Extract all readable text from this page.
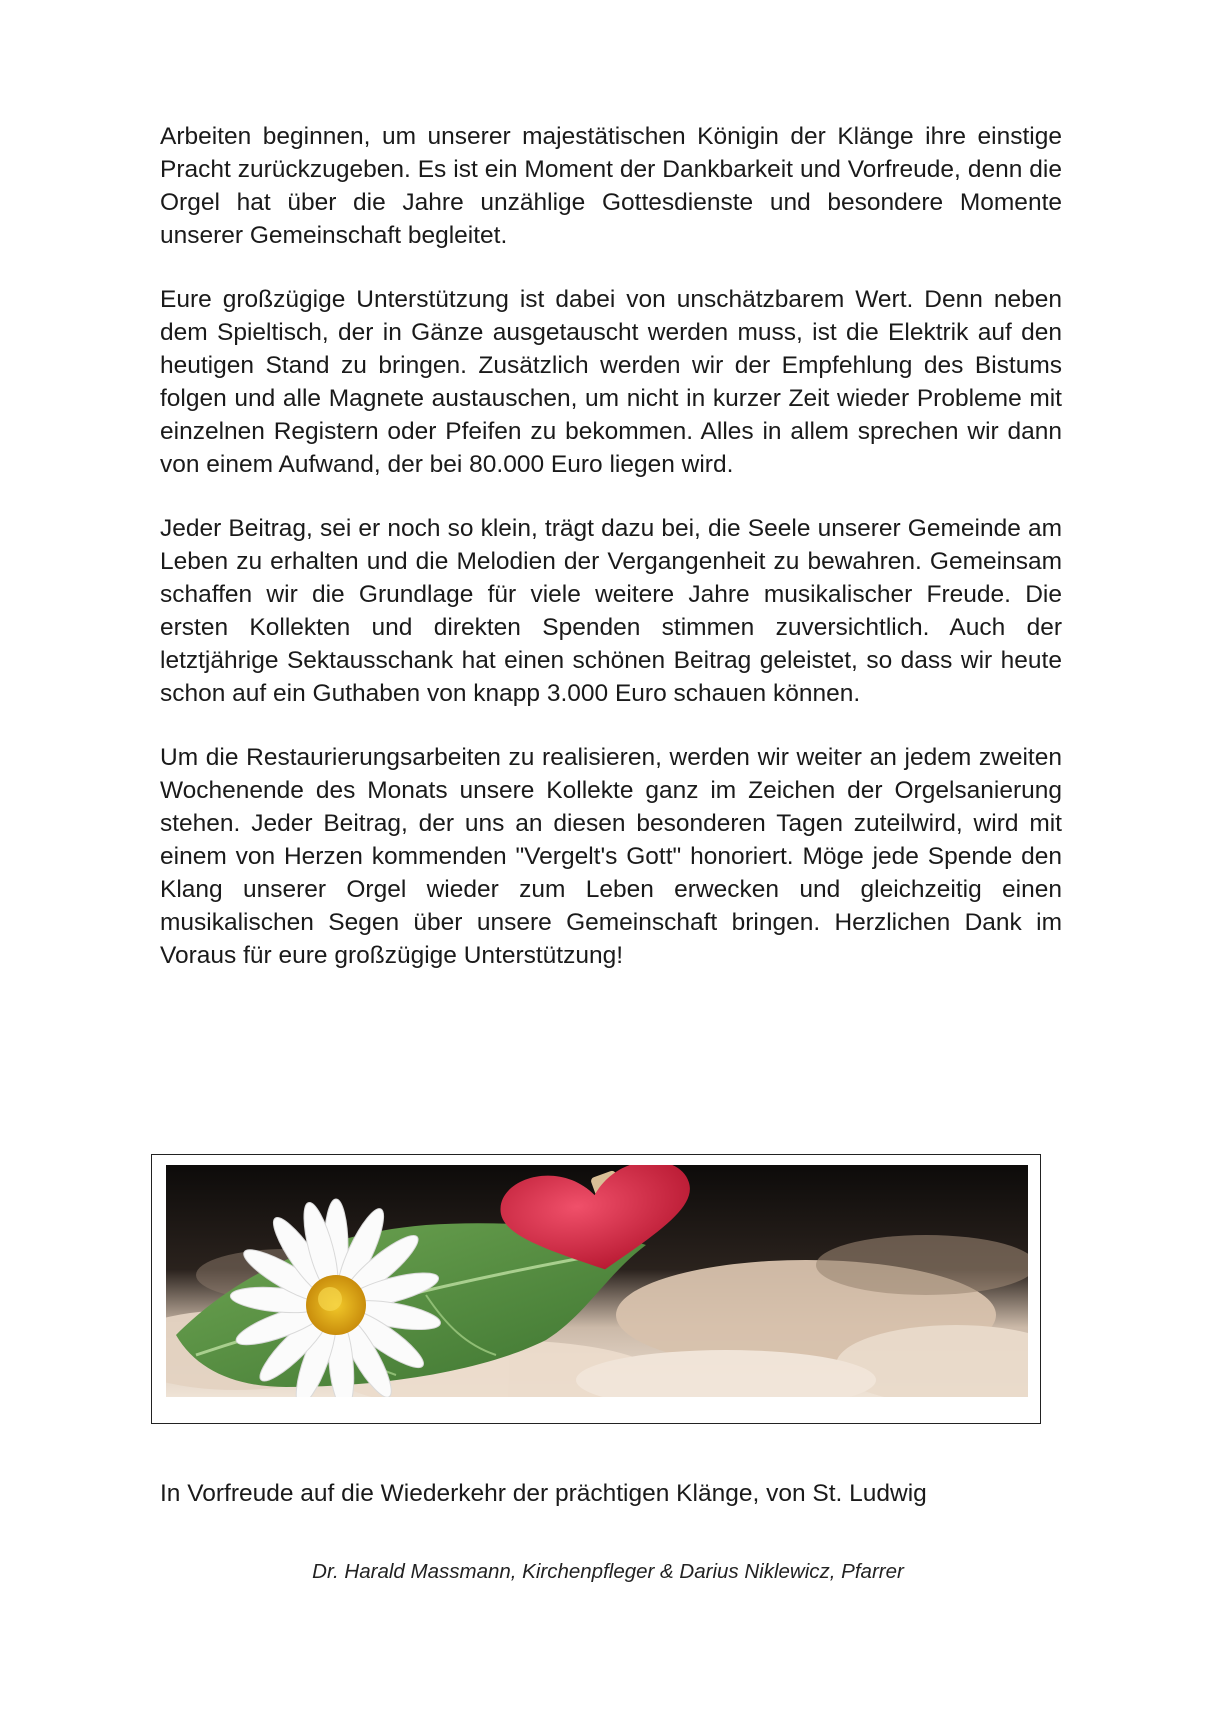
Arbeiten beginnen, um unserer majestätischen Königin der Klänge ihre einstige Pracht zurückzugeben. Es ist ein Moment der Dankbarkeit und Vorfreude, denn die Orgel hat über die Jahre unzählige Gottesdienste und besondere Momente unserer Gemeinschaft begleitet.

Eure großzügige Unterstützung ist dabei von unschätzbarem Wert. Denn neben dem Spieltisch, der in Gänze ausgetauscht werden muss, ist die Elektrik auf den heutigen Stand zu bringen. Zusätzlich werden wir der Empfehlung des Bistums folgen und alle Magnete austauschen, um nicht in kurzer Zeit wieder Probleme mit einzelnen Registern oder Pfeifen zu bekommen. Alles in allem sprechen wir dann von einem Aufwand, der bei 80.000 Euro liegen wird.

Jeder Beitrag, sei er noch so klein, trägt dazu bei, die Seele unserer Gemeinde am Leben zu erhalten und die Melodien der Vergangenheit zu bewahren. Gemeinsam schaffen wir die Grundlage für viele weitere Jahre musikalischer Freude. Die ersten Kollekten und direkten Spenden stimmen zuversichtlich. Auch der letztjährige Sektausschank hat einen schönen Beitrag geleistet, so dass wir heute schon auf ein Guthaben von knapp 3.000 Euro schauen können.

Um die Restaurierungsarbeiten zu realisieren, werden wir weiter an jedem zweiten Wochenende des Monats unsere Kollekte ganz im Zeichen der Orgelsanierung stehen. Jeder Beitrag, der uns an diesen besonderen Tagen zuteilwird, wird mit einem von Herzen kommenden "Vergelt's Gott" honoriert. Möge jede Spende den Klang unserer Orgel wieder zum Leben erwecken und gleichzeitig einen musikalischen Segen über unsere Gemeinschaft bringen. Herzlichen Dank im Voraus für eure großzügige Unterstützung!

In Vorfreude auf die Wiederkehr der prächtigen Klänge, von St. Ludwig
Dr. Harald Massmann, Kirchenpfleger & Darius Niklewicz, Pfarrer
